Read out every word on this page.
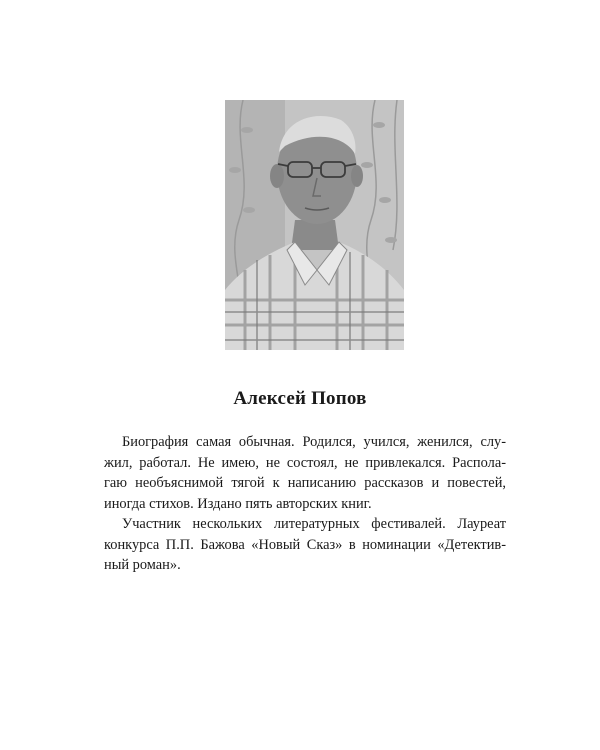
Алексей Попов

Биография самая обычная. Родился, учился, женился, слу-
жил, работал. Не имею, не состоял, не привлекался. Распола-
гаю необъяснимой тягой к написанию рассказов и повестей,
иногда стихов. Издано пять авторских книг.

Участник нескольких литературных фестивалей. Лауреат
конкурса П.П. Бажова «Новый Сказ» в номинации «Детектив-
ный роман».
